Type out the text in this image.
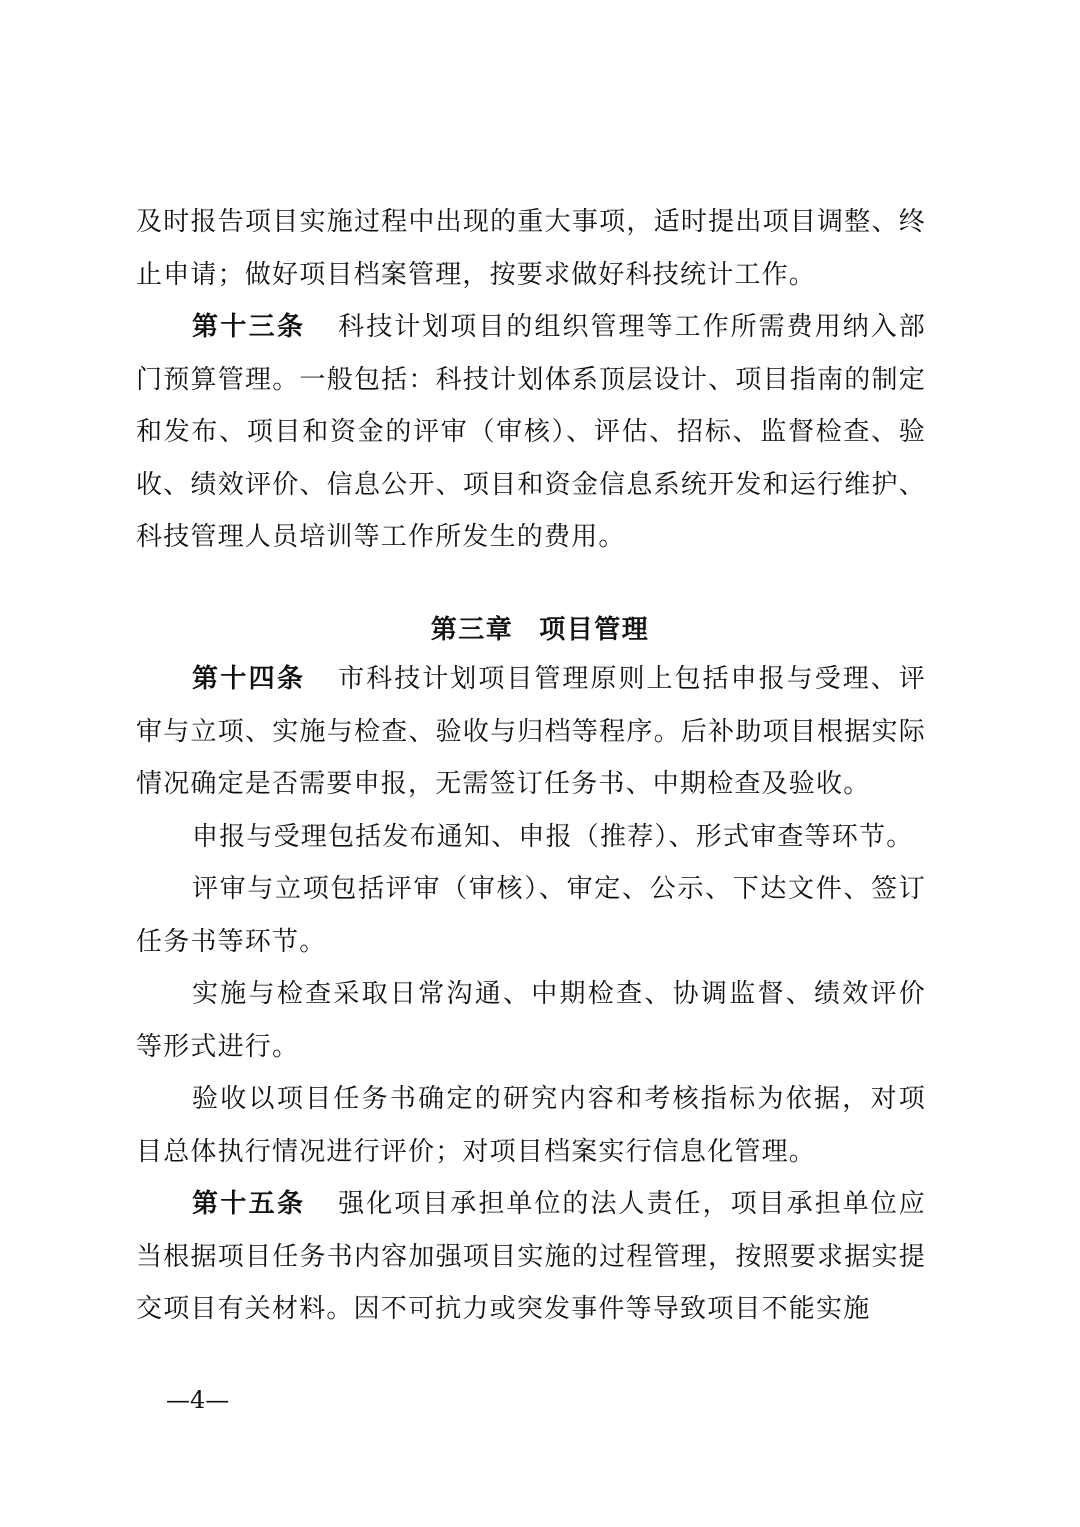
及时报告项目实施过程中出现的重大事项，适时提出项目调整、终止申请；做好项目档案管理，按要求做好科技统计工作。

第十三条 科技计划项目的组织管理等工作所需费用纳入部门预算管理。一般包括：科技计划体系顶层设计、项目指南的制定和发布、项目和资金的评审（审核）、评估、招标、监督检查、验收、绩效评价、信息公开、项目和资金信息系统开发和运行维护、科技管理人员培训等工作所发生的费用。

第三章 项目管理

第十四条 市科技计划项目管理原则上包括申报与受理、评审与立项、实施与检查、验收与归档等程序。后补助项目根据实际情况确定是否需要申报，无需签订任务书、中期检查及验收。

申报与受理包括发布通知、申报（推荐）、形式审查等环节。

评审与立项包括评审（审核）、审定、公示、下达文件、签订任务书等环节。

实施与检查采取日常沟通、中期检查、协调监督、绩效评价等形式进行。

验收以项目任务书确定的研究内容和考核指标为依据，对项目总体执行情况进行评价；对项目档案实行信息化管理。

第十五条 强化项目承担单位的法人责任，项目承担单位应当根据项目任务书内容加强项目实施的过程管理，按照要求据实提交项目有关材料。因不可抗力或突发事件等导致项目不能实施

—4—
